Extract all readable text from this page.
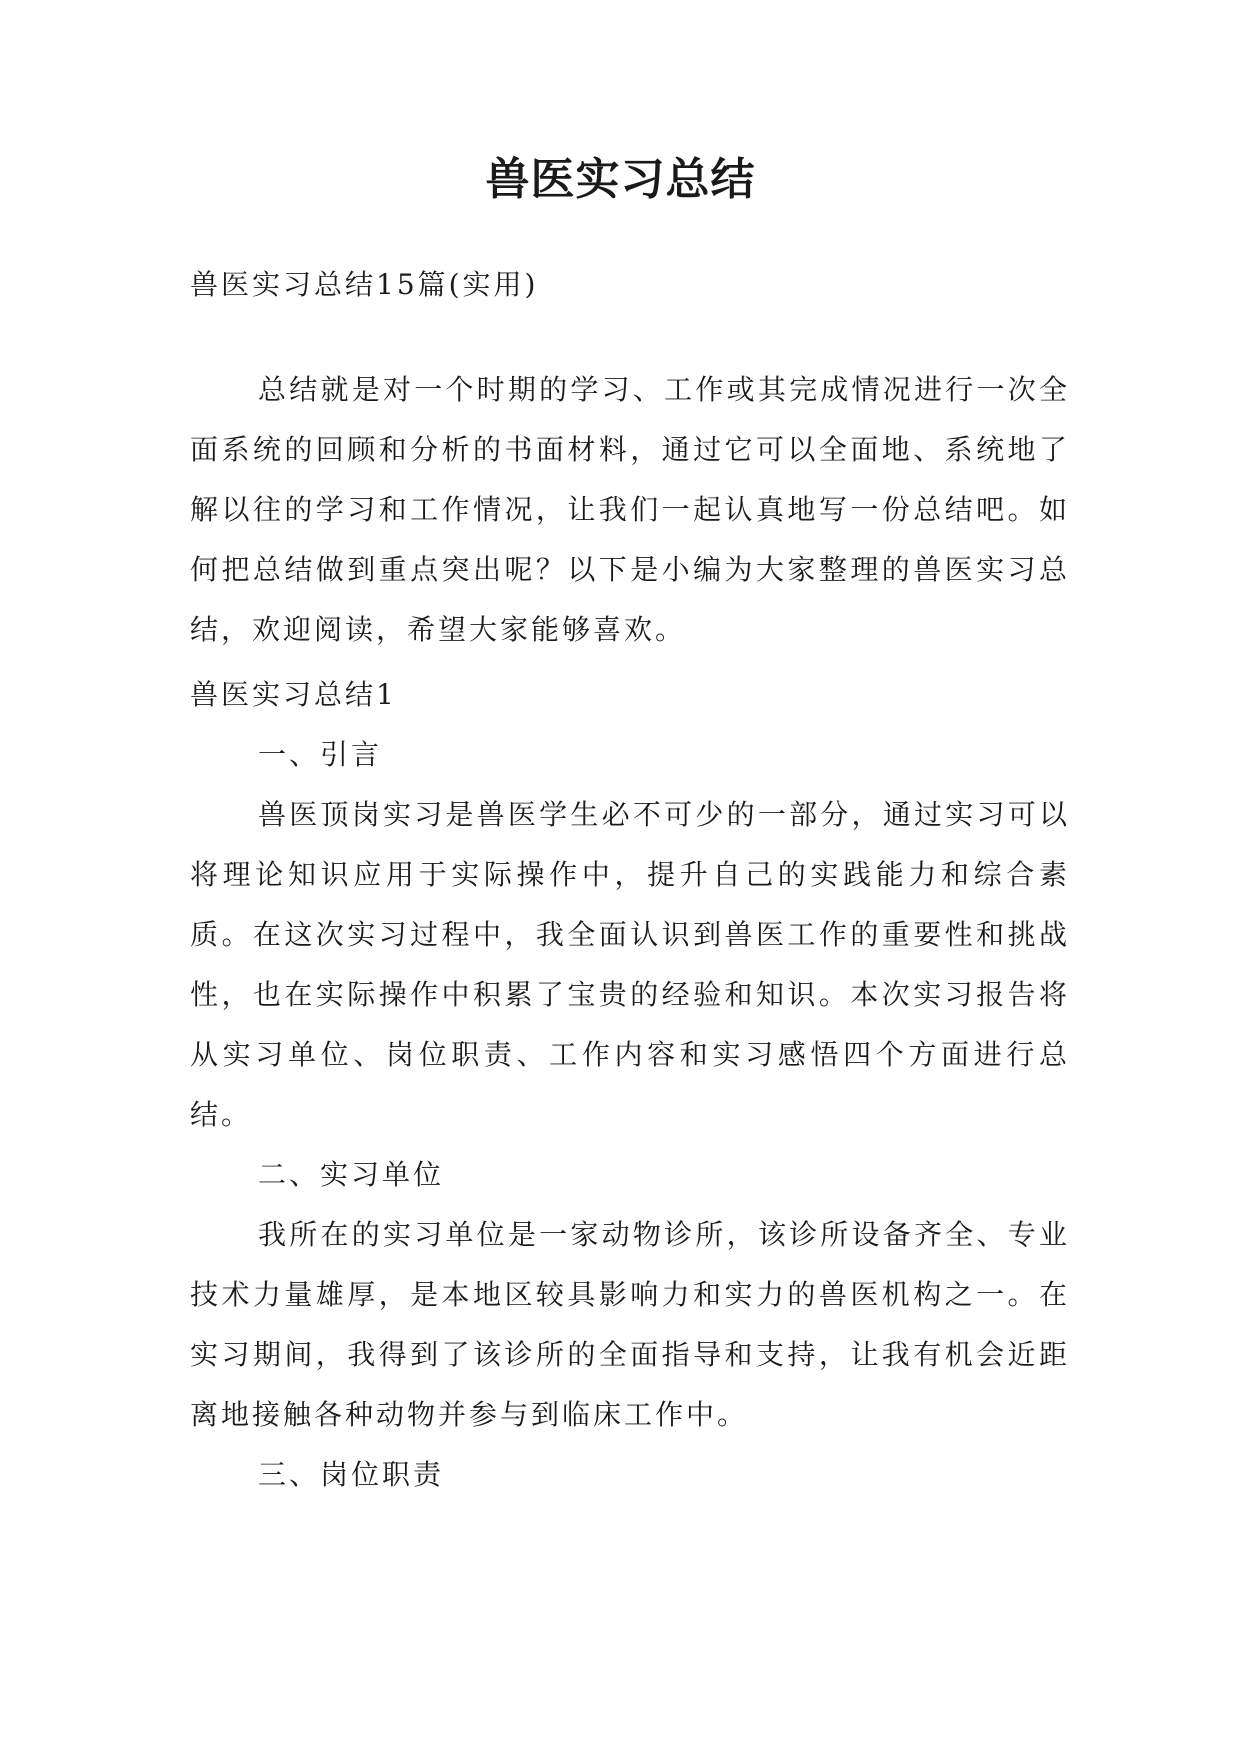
兽医实习总结

兽医实习总结15篇(实用)

总结就是对一个时期的学习、工作或其完成情况进行一次全面系统的回顾和分析的书面材料，通过它可以全面地、系统地了解以往的学习和工作情况，让我们一起认真地写一份总结吧。如何把总结做到重点突出呢？以下是小编为大家整理的兽医实习总结，欢迎阅读，希望大家能够喜欢。

兽医实习总结1

一、引言

兽医顶岗实习是兽医学生必不可少的一部分，通过实习可以将理论知识应用于实际操作中，提升自己的实践能力和综合素质。在这次实习过程中，我全面认识到兽医工作的重要性和挑战性，也在实际操作中积累了宝贵的经验和知识。本次实习报告将从实习单位、岗位职责、工作内容和实习感悟四个方面进行总结。

二、实习单位

我所在的实习单位是一家动物诊所，该诊所设备齐全、专业技术力量雄厚，是本地区较具影响力和实力的兽医机构之一。在实习期间，我得到了该诊所的全面指导和支持，让我有机会近距离地接触各种动物并参与到临床工作中。

三、岗位职责
